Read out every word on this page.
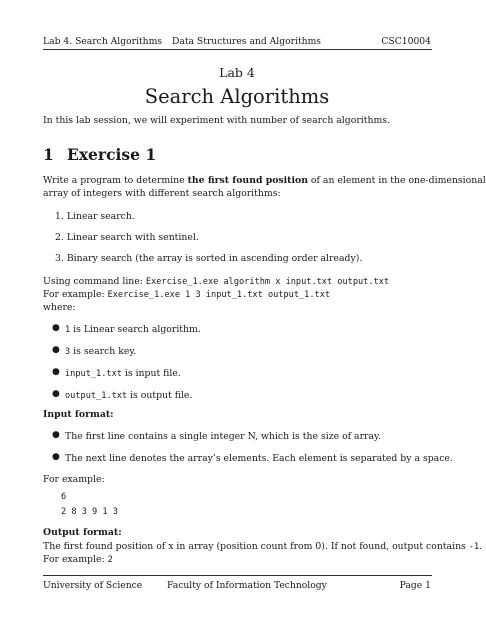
Lab 4. Search Algorithms Data Structures and Algorithms	CSC10004
Lab 4
Search Algorithms
In this lab session, we will experiment with number of search algorithms.
1 Exercise 1
Write a program to determine the first found position of an element in the one-dimensional
array of integers with different search algorithms:
1. Linear search.
2. Linear search with sentinel.
3. Binary search (the array is sorted in ascending order already).
Using command line: Exercise_1.exe algorithm x input.txt output.txt
For example: Exercise_1.exe 1 3 input_1.txt output_1.txt
where:
● 1 is Linear search algorithm.
● 3 is search key.
● input_1.txt is input file.
● output_1.txt is output file.
Input format:
● The first line contains a single integer N, which is the size of array.
● The next line denotes the array’s elements. Each element is separated by a space.
For example:
6
2 8 3 9 1 3
Output format:
The first found position of x in array (position count from 0). If not found, output contains -1.
For example: 2
University of Science	Faculty of Information Technology	Page 1
